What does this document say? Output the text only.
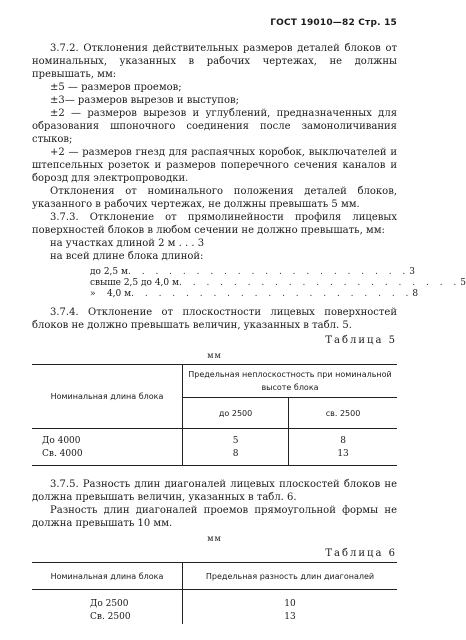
ГОСТ 19010—82 Стр. 15

3.7.2. Отклонения действительных размеров деталей блоков от номинальных, указанных в рабочих чертежах, не должны превышать, мм:

±5 — размеров проемов;

±3— размеров вырезов и выступов;

±2 — размеров вырезов и углублений, предназначенных для образования шпоночного соединения после замоноличивания стыков;

+2 — размеров гнезд для распаячных коробок, выключателей и штепсельных розеток и размеров поперечного сечения каналов и борозд для электропроводки.

Отклонения от номинального положения деталей блоков, указанного в рабочих чертежах, не должны превышать 5 мм.

3.7.3. Отклонение от прямолинейности профиля лицевых поверхностей блоков в любом сечении не должно превышать, мм:

на участках длиной 2 м . . . 3

на всей длине блока длиной:

до 2,5 м . . . . . . . . . . . . . . . . . . . . . 3
свыше 2,5 до 4,0 м . . . . . . . . . . . . . . . . . . . . . 5
»    4,0 м . . . . . . . . . . . . . . . . . . . . . 8

3.7.4. Отклонение от плоскостности лицевых поверхностей блоков не должно превышать величин, указанных в табл. 5.

Таблица 5
мм
Номинальная длина блока	Предельная неплоскостность при номинальной высоте блока	
	до 2500	св. 2500
До 4000	5	8
Св. 4000	8	13

3.7.5. Разность длин диагоналей лицевых плоскостей блоков не должна превышать величин, указанных в табл. 6.

Разность длин диагоналей проемов прямоугольной формы не должна превышать 10 мм.

мм
Таблица 6
Номинальная длина блока	Предельная разность длин диагоналей
До 2500	10
Св. 2500	13
